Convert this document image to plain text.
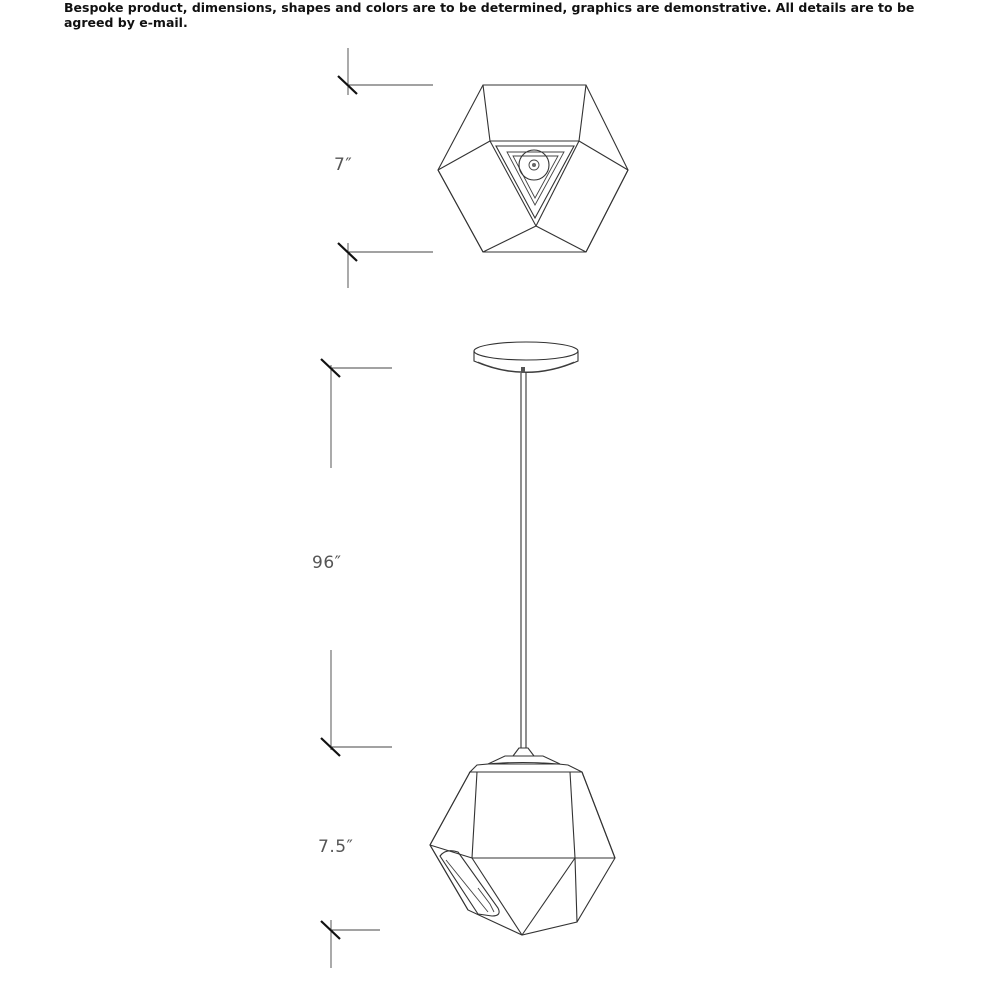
Bespoke product, dimensions, shapes and colors are to be determined, graphics are demonstrative. All details are to be agreed by e-mail.

7″
96″
7.5″
